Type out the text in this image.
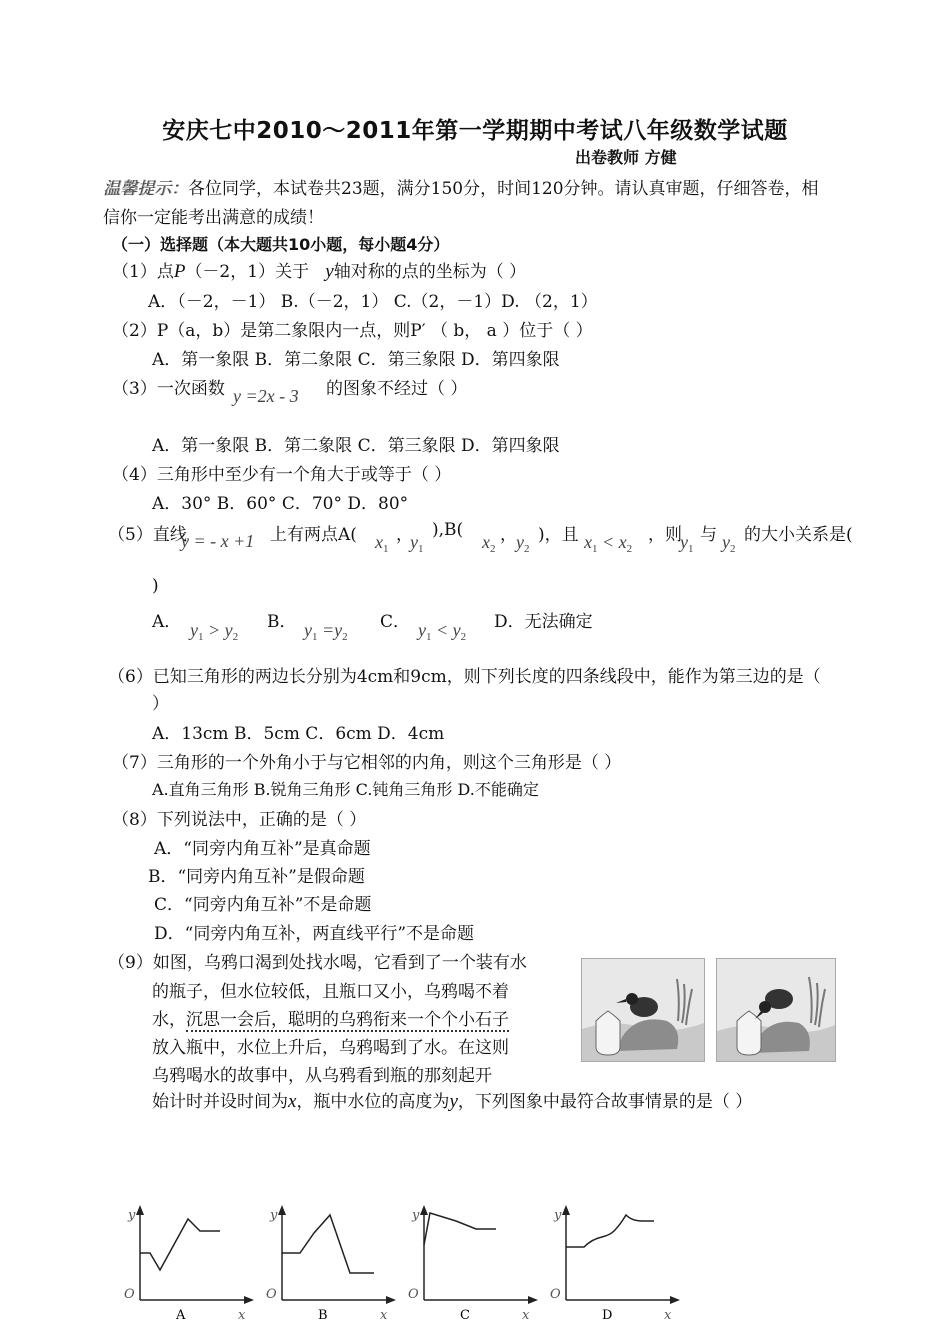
安庆七中2010～2011年第一学期期中考试八年级数学试题
出卷教师 方健
温馨提示：各位同学，本试卷共23题，满分150分，时间120分钟。请认真审题，仔细答卷，相
信你一定能考出满意的成绩！
（一）选择题（本大题共10小题，每小题4分）
（1）点P（－2，1）关于 y轴对称的点的坐标为（ ）
A．（－2，－1） B.（－2，1） C.（2，－1）D. （2，1）
（2）P（a，b）是第二象限内一点，则P′ （ b， a ）位于（ ）
A．第一象限 B．第二象限 C．第三象限 D．第四象限
（3）一次函数 y =2x - 3 的图象不经过（ ）
A．第一象限 B．第二象限 C．第三象限 D．第四象限
（4）三角形中至少有一个角大于或等于（ ）
A．30° B．60° C．70° D．80°
（5）直线
y = - x +1 上有两点A( $x_1$
，
$y_1$
),B(
$x_2$
， $y_2$
)，且 $x_1 < x_2$
，则
$y_1$
与 $y_2$
的大小关系是(
)
A． $y_1 > y_2$
B． $y_1 =y_2$
C． $y_1 < y_2$
D．无法确定
（6）已知三角形的两边长分别为4cm和9cm，则下列长度的四条线段中，能作为第三边的是（
）
A．13cm B．5cm C．6cm D．4cm
（7）三角形的一个外角小于与它相邻的内角，则这个三角形是（ ）
A.直角三角形 B.锐角三角形 C.钝角三角形 D.不能确定
（8）下列说法中，正确的是（ ）
A．“同旁内角互补”是真命题
B．“同旁内角互补”是假命题
C．“同旁内角互补”不是命题
D．“同旁内角互补，两直线平行”不是命题
（9）如图，乌鸦口渴到处找水喝，它看到了一个装有水
的瓶子，但水位较低，且瓶口又小，乌鸦喝不着
水，沉思一会后，聪明的乌鸦衔来一个个小石子
放入瓶中，水位上升后，乌鸦喝到了水。在这则
乌鸦喝水的故事中，从乌鸦看到瓶的那刻起开
始计时并设时间为x，瓶中水位的高度为y，下列图象中最符合故事情景的是（ ）
y
O
x
A
y
O
x
B
y
O
x
C
y
O
x
D
